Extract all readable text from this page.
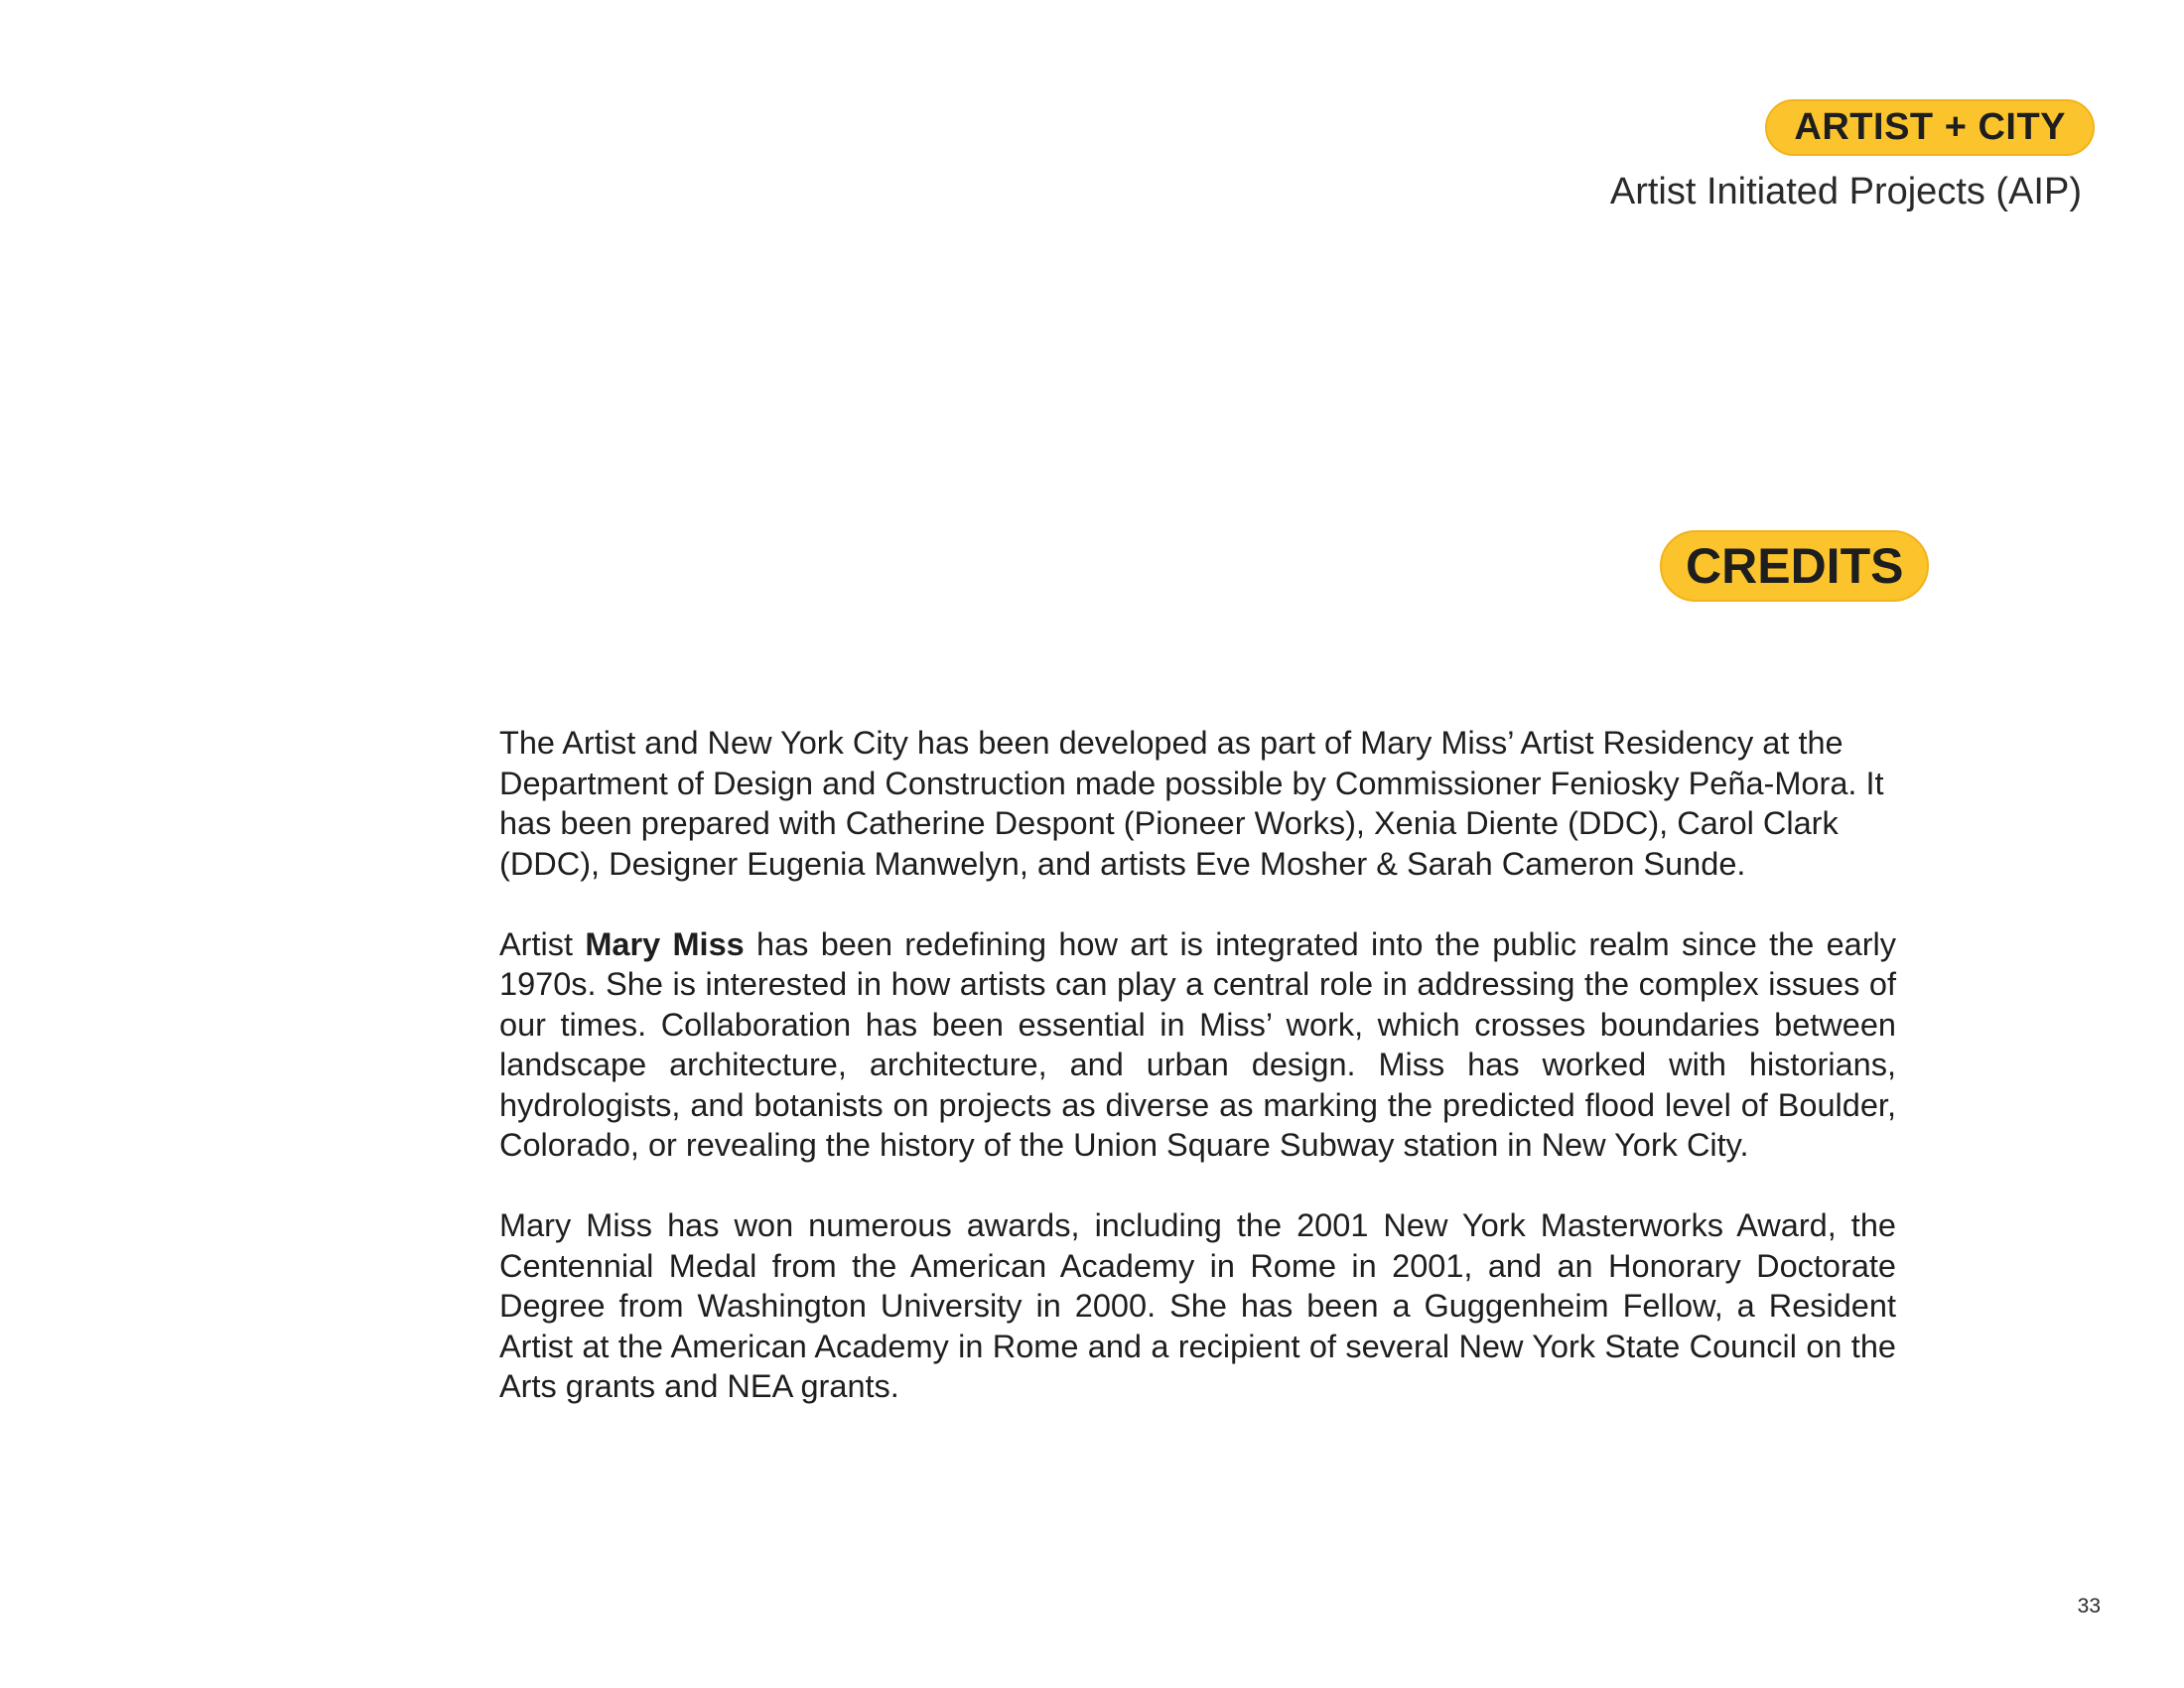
ARTIST + CITY
Artist Initiated Projects (AIP)
CREDITS

The Artist and New York City has been developed as part of Mary Miss’ Artist Residency at the Department of Design and Construction made possible by Commissioner Feniosky Peña-Mora. It has been prepared with Catherine Despont (Pioneer Works), Xenia Diente (DDC), Carol Clark (DDC), Designer Eugenia Manwelyn, and artists Eve Mosher & Sarah Cameron Sunde.

Artist Mary Miss has been redefining how art is integrated into the public realm since the early 1970s. She is interested in how artists can play a central role in addressing the complex issues of our times. Collaboration has been essential in Miss’ work, which crosses boundaries between landscape architecture, architecture, and urban design. Miss has worked with historians, hydrologists, and botanists on projects as diverse as marking the predicted flood level of Boulder, Colorado, or revealing the history of the Union Square Subway station in New York City.

Mary Miss has won numerous awards, including the 2001 New York Masterworks Award, the Centennial Medal from the American Academy in Rome in 2001, and an Honorary Doctorate Degree from Washington University in 2000. She has been a Guggenheim Fellow, a Resident Artist at the American Academy in Rome and a recipient of several New York State Council on the Arts grants and NEA grants.

33
